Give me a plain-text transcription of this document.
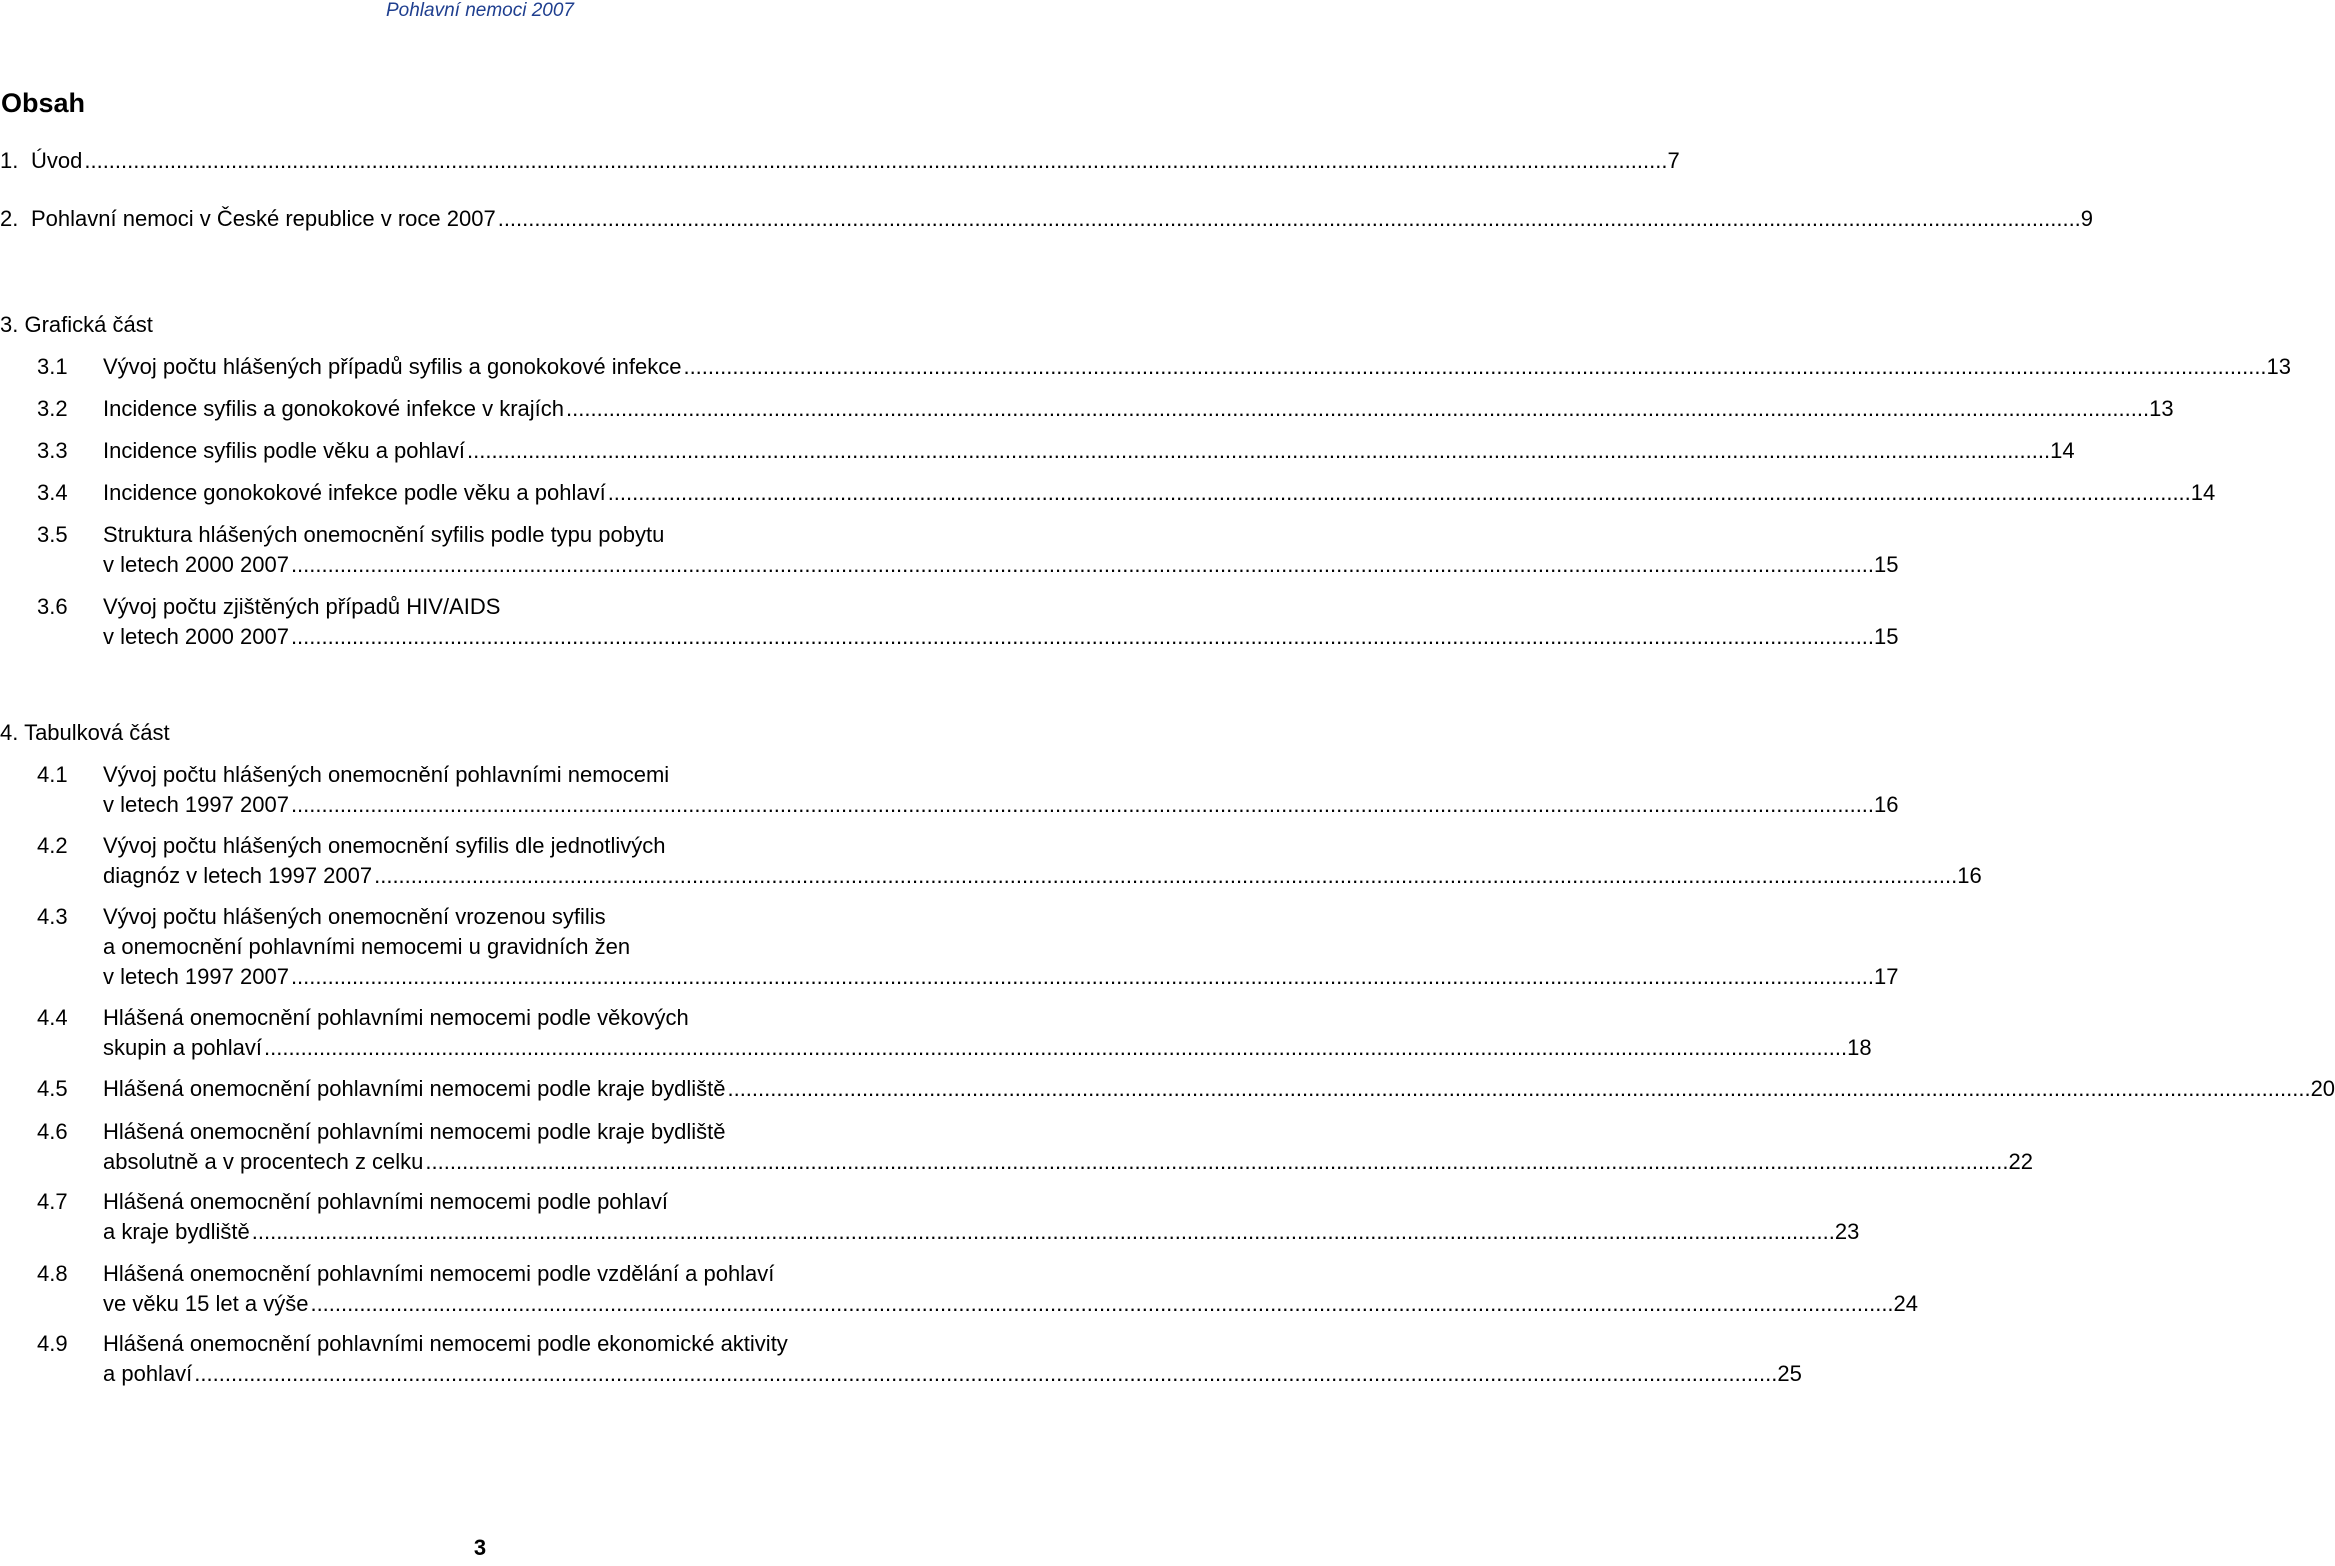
Pohlavní nemoci 2007
Obsah
1. Úvod .....	7
2. Pohlavní nemoci v České republice v roce 2007 .....	9
3. Grafická část
3.1 Vývoj počtu hlášených případů syfilis a gonokokové infekce .....	13
3.2 Incidence syfilis a gonokokové infekce v krajích .....	13
3.3 Incidence syfilis podle věku a pohlaví .....	14
3.4 Incidence gonokokové infekce podle věku a pohlaví .....	14
3.5 Struktura hlášených onemocnění syfilis podle typu pobytu
v letech 2000 2007 .....	15
3.6 Vývoj počtu zjištěných případů HIV/AIDS
v letech 2000 2007 .....	15
4. Tabulková část
4.1 Vývoj počtu hlášených onemocnění pohlavními nemocemi
v letech 1997 2007 .....	16
4.2 Vývoj počtu hlášených onemocnění syfilis dle jednotlivých
diagnóz v letech 1997 2007 .....	16
4.3 Vývoj počtu hlášených onemocnění vrozenou syfilis
a onemocnění pohlavními nemocemi u gravidních žen
v letech 1997 2007 .....	17
4.4 Hlášená onemocnění pohlavními nemocemi podle věkových
skupin a pohlaví .....	18
4.5 Hlášená onemocnění pohlavními nemocemi podle kraje bydliště .....	20
4.6 Hlášená onemocnění pohlavními nemocemi podle kraje bydliště
absolutně a v procentech z celku .....	22
4.7 Hlášená onemocnění pohlavními nemocemi podle pohlaví
a kraje bydliště .....	23
4.8 Hlášená onemocnění pohlavními nemocemi podle vzdělání a pohlaví
ve věku 15 let a výše .....	24
4.9 Hlášená onemocnění pohlavními nemocemi podle ekonomické aktivity
a pohlaví .....	25
3
